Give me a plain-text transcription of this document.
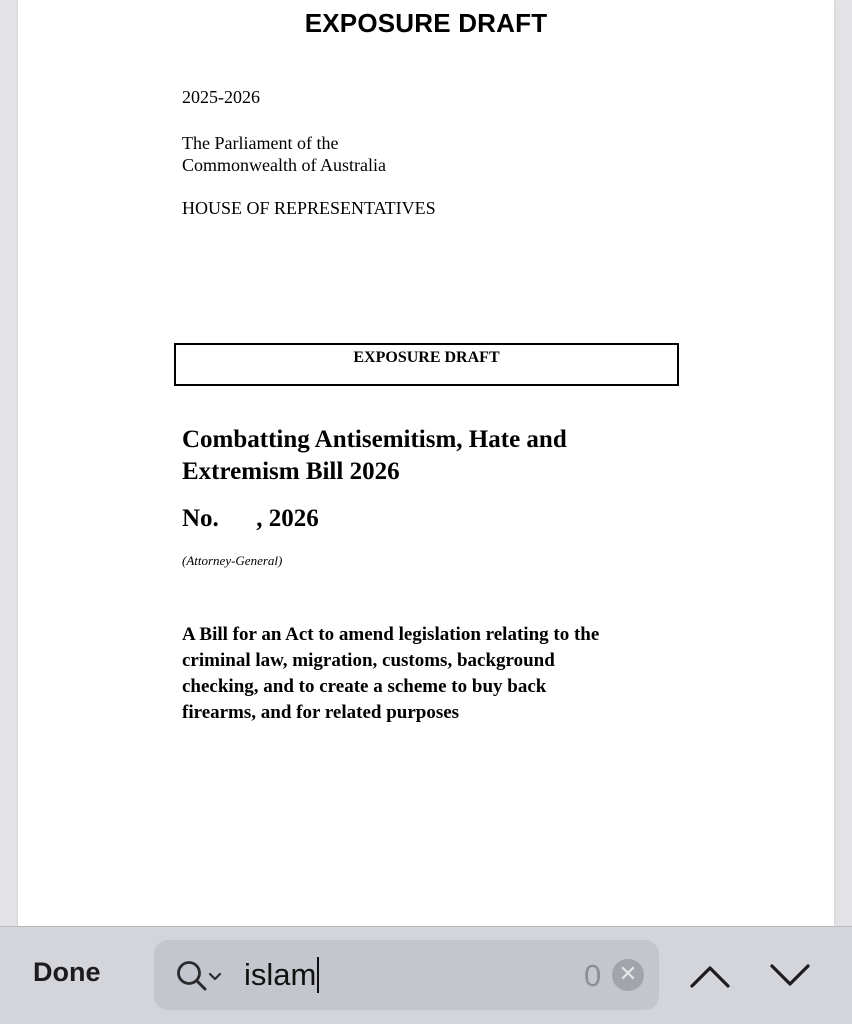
EXPOSURE DRAFT
2025-2026
The Parliament of the
Commonwealth of Australia
HOUSE OF REPRESENTATIVES
EXPOSURE DRAFT
Combatting Antisemitism, Hate and
Extremism Bill 2026
No.      , 2026
(Attorney-General)
A Bill for an Act to amend legislation relating to the
criminal law, migration, customs, background
checking, and to create a scheme to buy back
firearms, and for related purposes
Done	islam	0 ✕
